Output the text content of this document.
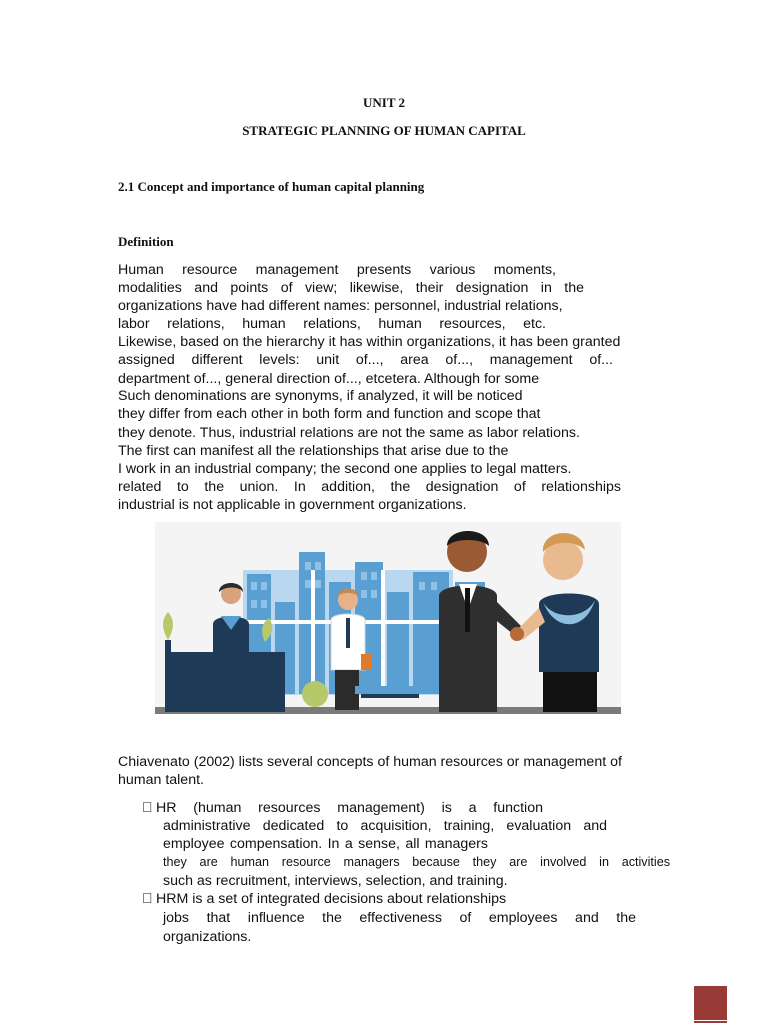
UNIT 2
STRATEGIC PLANNING OF HUMAN CAPITAL
2.1 Concept and importance of human capital planning
Definition
Human resource management presents various moments,
modalities and points of view; likewise, their designation in the
organizations have had different names: personnel, industrial relations,
labor relations, human relations, human resources, etc.
Likewise, based on the hierarchy it has within organizations, it has been granted
assigned different levels: unit of..., area of..., management of...
department of..., general direction of..., etcetera. Although for some
Such denominations are synonyms, if analyzed, it will be noticed
they differ from each other in both form and function and scope that
they denote. Thus, industrial relations are not the same as labor relations.
The first can manifest all the relationships that arise due to the
I work in an industrial company; the second one applies to legal matters.
related to the union. In addition, the designation of relationships
industrial is not applicable in government organizations.
Chiavenato (2002) lists several concepts of human resources or management of
human talent.
HR (human resources management) is a function
administrative dedicated to acquisition, training, evaluation and
employee compensation. In a sense, all managers
they are human resource managers because they are involved in activities
such as recruitment, interviews, selection, and training.
HRM is a set of integrated decisions about relationships
jobs that influence the effectiveness of employees and the
organizations.
